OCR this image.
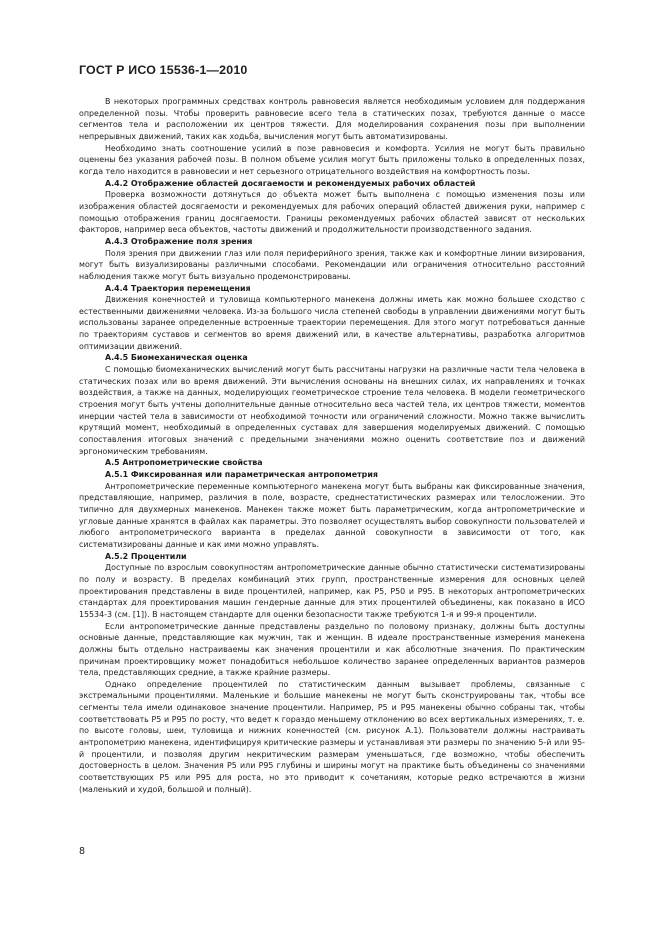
ГОСТ Р ИСО 15536-1—2010

В некоторых программных средствах контроль равновесия является необходимым условием для поддержания определенной позы. Чтобы проверить равновесие всего тела в статических позах, требуются данные о массе сегментов тела и расположении их центров тяжести. Для моделирования сохранения позы при выполнении непрерывных движений, таких как ходьба, вычисления могут быть автоматизированы.

Необходимо знать соотношение усилий в позе равновесия и комфорта. Усилия не могут быть правильно оценены без указания рабочей позы. В полном объеме усилия могут быть приложены только в определенных позах, когда тело находится в равновесии и нет серьезного отрицательного воздействия на комфортность позы.

А.4.2 Отображение областей досягаемости и рекомендуемых рабочих областей

Проверка возможности дотянуться до объекта может быть выполнена с помощью изменения позы или изображения областей досягаемости и рекомендуемых для рабочих операций областей движения руки, например с помощью отображения границ досягаемости. Границы рекомендуемых рабочих областей зависят от нескольких факторов, например веса объектов, частоты движений и продолжительности производственного задания.

А.4.3 Отображение поля зрения

Поля зрения при движении глаз или поля периферийного зрения, также как и комфортные линии визирования, могут быть визуализированы различными способами. Рекомендации или ограничения относительно расстояний наблюдения также могут быть визуально продемонстрированы.

А.4.4 Траектория перемещения

Движения конечностей и туловища компьютерного манекена должны иметь как можно большее сходство с естественными движениями человека. Из-за большого числа степеней свободы в управлении движениями могут быть использованы заранее определенные встроенные траектории перемещения. Для этого могут потребоваться данные по траекториям суставов и сегментов во время движений или, в качестве альтернативы, разработка алгоритмов оптимизации движений.

А.4.5 Биомеханическая оценка

С помощью биомеханических вычислений могут быть рассчитаны нагрузки на различные части тела человека в статических позах или во время движений. Эти вычисления основаны на внешних силах, их направлениях и точках воздействия, а также на данных, моделирующих геометрическое строение тела человека. В модели геометрического строения могут быть учтены дополнительные данные относительно веса частей тела, их центров тяжести, моментов инерции частей тела в зависимости от необходимой точности или ограничений сложности. Можно также вычислить крутящий момент, необходимый в определенных суставах для завершения моделируемых движений. С помощью сопоставления итоговых значений с предельными значениями можно оценить соответствие поз и движений эргономическим требованиям.

А.5 Антропометрические свойства
А.5.1 Фиксированная или параметрическая антропометрия

Антропометрические переменные компьютерного манекена могут быть выбраны как фиксированные значения, представляющие, например, различия в поле, возрасте, среднестатистических размерах или телосложении. Это типично для двухмерных манекенов. Манекен также может быть параметрическим, когда антропометрические и угловые данные хранятся в файлах как параметры. Это позволяет осуществлять выбор совокупности пользователей и любого антропометрического варианта в пределах данной совокупности в зависимости от того, как систематизированы данные и как ими можно управлять.

А.5.2 Процентили

Доступные по взрослым совокупностям антропометрические данные обычно статистически систематизированы по полу и возрасту. В пределах комбинаций этих групп, пространственные измерения для основных целей проектирования представлены в виде процентилей, например, как Р5, Р50 и Р95. В некоторых антропометрических стандартах для проектирования машин гендерные данные для этих процентилей объединены, как показано в ИСО 15534-3 (см. [1]). В настоящем стандарте для оценки безопасности также требуются 1-я и 99-я процентили.

Если антропометрические данные представлены раздельно по половому признаку, должны быть доступны основные данные, представляющие как мужчин, так и женщин. В идеале пространственные измерения манекена должны быть отдельно настраиваемы как значения процентили и как абсолютные значения. По практическим причинам проектировщику может понадобиться небольшое количество заранее определенных вариантов размеров тела, представляющих средние, а также крайние размеры.

Однако определение процентилей по статистическим данным вызывает проблемы, связанные с экстремальными процентилями. Маленькие и большие манекены не могут быть сконструированы так, чтобы все сегменты тела имели одинаковое значение процентили. Например, Р5 и Р95 манекены обычно собраны так, чтобы соответствовать Р5 и Р95 по росту, что ведет к гораздо меньшему отклонению во всех вертикальных измерениях, т. е. по высоте головы, шеи, туловища и нижних конечностей (см. рисунок А.1). Пользователи должны настраивать антропометрию манекена, идентифицируя критические размеры и устанавливая эти размеры по значению 5-й или 95-й процентили, и позволяя другим некритическим размерам уменьшаться, где возможно, чтобы обеспечить достоверность в целом. Значения Р5 или Р95 глубины и ширины могут на практике быть объединены со значениями соответствующих Р5 или Р95 для роста, но это приводит к сочетаниям, которые редко встречаются в жизни (маленький и худой, большой и полный).

8
